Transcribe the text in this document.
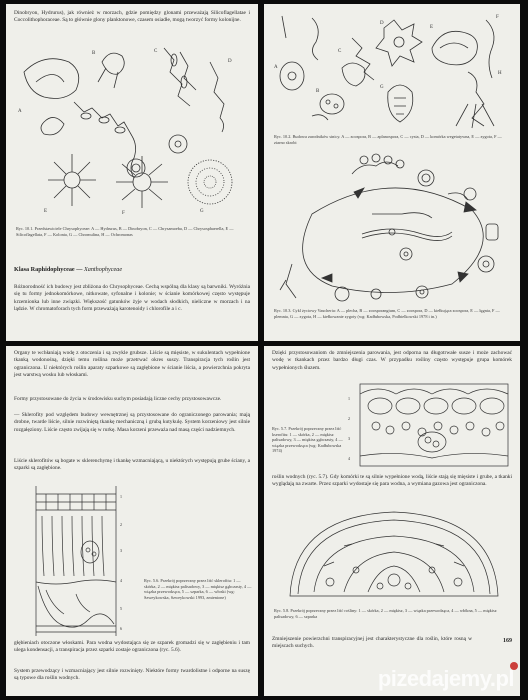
Dinobryon, Hydrurus), jak również w morzach, gdzie pomiędzy glonami przeważają Silicoflagellatae i Coccolithophoraceae. Są to głównie glony planktonowe, czasem osiadłe, mogą tworzyć formy kolonijne.
A
B	C
D
E	F	G
Ryc. 10.1. Przedstawiciele Chrysophyceae: A — Hydrurus, B — Dinobryon, C — Chrysamoeba, D — Chrysosphaerella, E — Silicoflagellata, F — Kolonia, G — Chromulina, H — Ochromonas
Klasa Raphidophyceae — Xanthophyceae
Różnorodność ich budowy jest zbliżona do Chrysophyceae. Cechą wspólną dla klasy są barwniki. Wyróżnia się tu formy jednokomórkowe, nitkowate, syfonalne i kolonie; w ścianie komórkowej często występuje krzemionka lub inne związki. Większość gatunków żyje w wodach słodkich, nieliczne w morzach i na lądzie. W chromatoforach tych form przeważają karotenoidy i chlorofile a i c.
A
B
C
D
E
F
G
H
Ryc. 10.2. Budowa zarodników sinicy. A — zoospora, B — aplanospora, C — cysta, D — komórka wegetatywna, E — zygota, F — ziarno skrobi
Ryc. 10.3. Cykl życiowy Vaucheria: A — plecha, B — zoosporangium, C — zoospora, D — kiełkująca zoospora, E — lęgnia, F — plemnia, G — zygota, H — kiełkowanie zygoty (wg: Kadłubowska, Podbielkowski 1978 i in.)
Organy te wchłaniają wodę z otoczenia i są zwykle grubsze. Liście są mięsiste, w sukulentach wypełnione tkanką wodonośną, dzięki temu roślina może przetrwać okres suszy. Transpiracja tych roślin jest ograniczona. U niektórych roślin aparaty szparkowe są zagłębione w ścianie liścia, a powierzchnia pokryta jest warstwą wosku lub włoskami.
Formy przystosowane do życia w środowisku suchym posiadają liczne cechy przystosowawcze.
— Sklerofity pod względem budowy wewnętrznej są przystosowane do ograniczonego parowania; mają drobne, twarde liście, silnie rozwiniętą tkankę mechaniczną i grubą kutykulę. System korzeniowy jest silnie rozgałęziony. Liście często zwijają się w rurkę. Masa korzeni przeważa nad masą części nadziemnych.
Liście sklerofitów są bogate w sklerenchymę i tkankę wzmacniającą, u niektórych występują grube ściany, a szparki są zagłębione.
1
2
3
4
5
6
Ryc. 5.6. Przekrój poprzeczny przez liść sklerofitu: 1 — skórka, 2 — miękisz palisadowy, 3 — miękisz gąbczasty, 4 — wiązka przewodząca, 5 — szparka, 6 — włoski (wg: Szweykowska, Szweykowski 1993, zmienione)
głębieniach otoczone włoskami. Para wodna wydostająca się ze szparek gromadzi się w zagłębieniu i tam ulega kondensacji, a transpiracja przez szparki zostaje ograniczona (ryc. 5.6).
System przewodzący i wzmacniający jest silnie rozwinięty. Niektóre formy twardolistne i odporne na suszę są typowe dla roślin wodnych.
Dzięki przystosowaniom do zmniejszenia parowania, jest odporna na długotrwałe susze i może zachować wodę w tkankach przez bardzo długi czas. W przypadku rośliny często występuje grupa komórek wypełnionych śluzem.
1
2
3
4
Ryc. 5.7. Przekrój poprzeczny przez liść kserofitu: 1 — skórka, 2 — miękisz palisadowy, 3 — miękisz gąbczasty, 4 — wiązka przewodząca (wg: Kadłubowska 1974)
roślin wodnych (ryc. 5.7). Gdy komórki te są silnie wypełnione wodą, liście stają się mięsiste i grube, a tkanki wyglądają na zwarte. Przez szparki wydostaje się para wodna, a wymiana gazowa jest ograniczona.
Ryc. 5.8. Przekrój poprzeczny przez liść rośliny: 1 — skórka, 2 — miękisz, 3 — wiązka przewodząca, 4 — włókna, 5 — miękisz palisadowy, 6 — szparka
Zmniejszenie powierzchni transpiracyjnej jest charakterystyczne dla roślin, które rosną w miejscach suchych.
169
pizedajemy.pl
